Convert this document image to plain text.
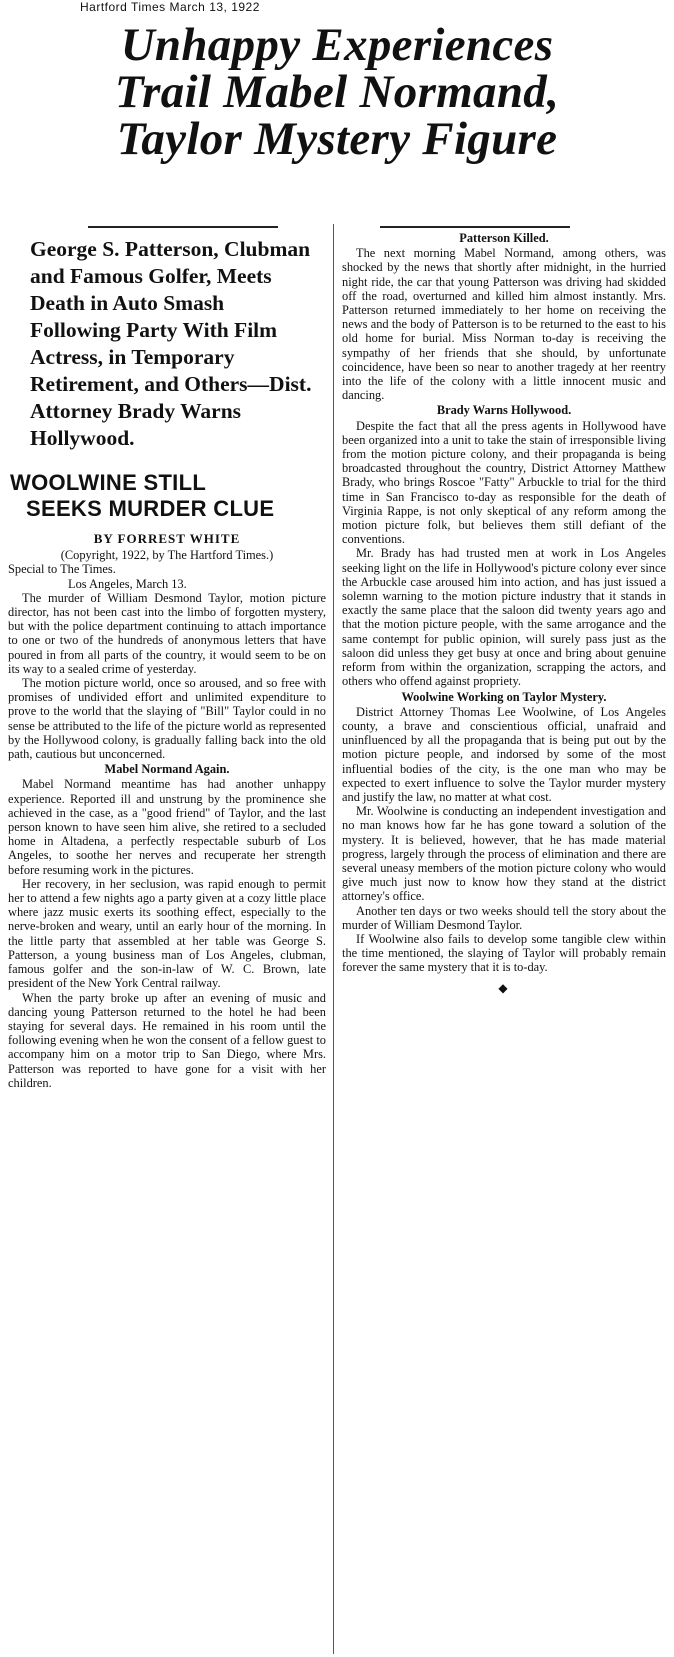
Hartford Times March 13, 1922
Unhappy Experiences
Trail Mabel Normand,
Taylor Mystery Figure
George S. Patterson, Clubman and Famous Golfer, Meets Death in Auto Smash Following Party With Film Actress, in Temporary Retirement, and Others—Dist. Attorney Brady Warns Hollywood.
WOOLWINE STILL
SEEKS MURDER CLUE
BY FORREST WHITE
(Copyright, 1922, by The Hartford Times.)
Special to The Times.
Los Angeles, March 13.

The murder of William Desmond Taylor, motion picture director, has not been cast into the limbo of forgotten mystery, but with the police department continuing to attach importance to one or two of the hundreds of anonymous letters that have poured in from all parts of the country, it would seem to be on its way to a sealed crime of yesterday.

The motion picture world, once so aroused, and so free with promises of undivided effort and unlimited expenditure to prove to the world that the slaying of "Bill" Taylor could in no sense be attributed to the life of the picture world as represented by the Hollywood colony, is gradually falling back into the old path, cautious but unconcerned.

Mabel Normand Again.

Mabel Normand meantime has had another unhappy experience. Reported ill and unstrung by the prominence she achieved in the case, as a "good friend" of Taylor, and the last person known to have seen him alive, she retired to a secluded home in Altadena, a perfectly respectable suburb of Los Angeles, to soothe her nerves and recuperate her strength before resuming work in the pictures.

Her recovery, in her seclusion, was rapid enough to permit her to attend a few nights ago a party given at a cozy little place where jazz music exerts its soothing effect, especially to the nerve-broken and weary, until an early hour of the morning. In the little party that assembled at her table was George S. Patterson, a young business man of Los Angeles, clubman, famous golfer and the son-in-law of W. C. Brown, late president of the New York Central railway.

When the party broke up after an evening of music and dancing young Patterson returned to the hotel he had been staying for several days. He remained in his room until the following evening when he won the consent of a fellow guest to accompany him on a motor trip to San Diego, where Mrs. Patterson was reported to have gone for a visit with her children.

Patterson Killed.

The next morning Mabel Normand, among others, was shocked by the news that shortly after midnight, in the hurried night ride, the car that young Patterson was driving had skidded off the road, overturned and killed him almost instantly. Mrs. Patterson returned immediately to her home on receiving the news and the body of Patterson is to be returned to the east to his old home for burial. Miss Norman to-day is receiving the sympathy of her friends that she should, by unfortunate coincidence, have been so near to another tragedy at her reentry into the life of the colony with a little innocent music and dancing.

Brady Warns Hollywood.

Despite the fact that all the press agents in Hollywood have been organized into a unit to take the stain of irresponsible living from the motion picture colony, and their propaganda is being broadcasted throughout the country, District Attorney Matthew Brady, who brings Roscoe "Fatty" Arbuckle to trial for the third time in San Francisco to-day as responsible for the death of Virginia Rappe, is not only skeptical of any reform among the motion picture folk, but believes them still defiant of the conventions.

Mr. Brady has had trusted men at work in Los Angeles seeking light on the life in Hollywood's picture colony ever since the Arbuckle case aroused him into action, and has just issued a solemn warning to the motion picture industry that it stands in exactly the same place that the saloon did twenty years ago and that the motion picture people, with the same arrogance and the same contempt for public opinion, will surely pass just as the saloon did unless they get busy at once and bring about genuine reform from within the organization, scrapping the actors, and others who offend against propriety.

Woolwine Working on Taylor Mystery.

District Attorney Thomas Lee Woolwine, of Los Angeles county, a brave and conscientious official, unafraid and uninfluenced by all the propaganda that is being put out by the motion picture people, and indorsed by some of the most influential bodies of the city, is the one man who may be expected to exert influence to solve the Taylor murder mystery and justify the law, no matter at what cost.

Mr. Woolwine is conducting an independent investigation and no man knows how far he has gone toward a solution of the mystery. It is believed, however, that he has made material progress, largely through the process of elimination and there are several uneasy members of the motion picture colony who would give much just now to know how they stand at the district attorney's office.

Another ten days or two weeks should tell the story about the murder of William Desmond Taylor.

If Woolwine also fails to develop some tangible clew within the time mentioned, the slaying of Taylor will probably remain forever the same mystery that it is to-day.

◆
